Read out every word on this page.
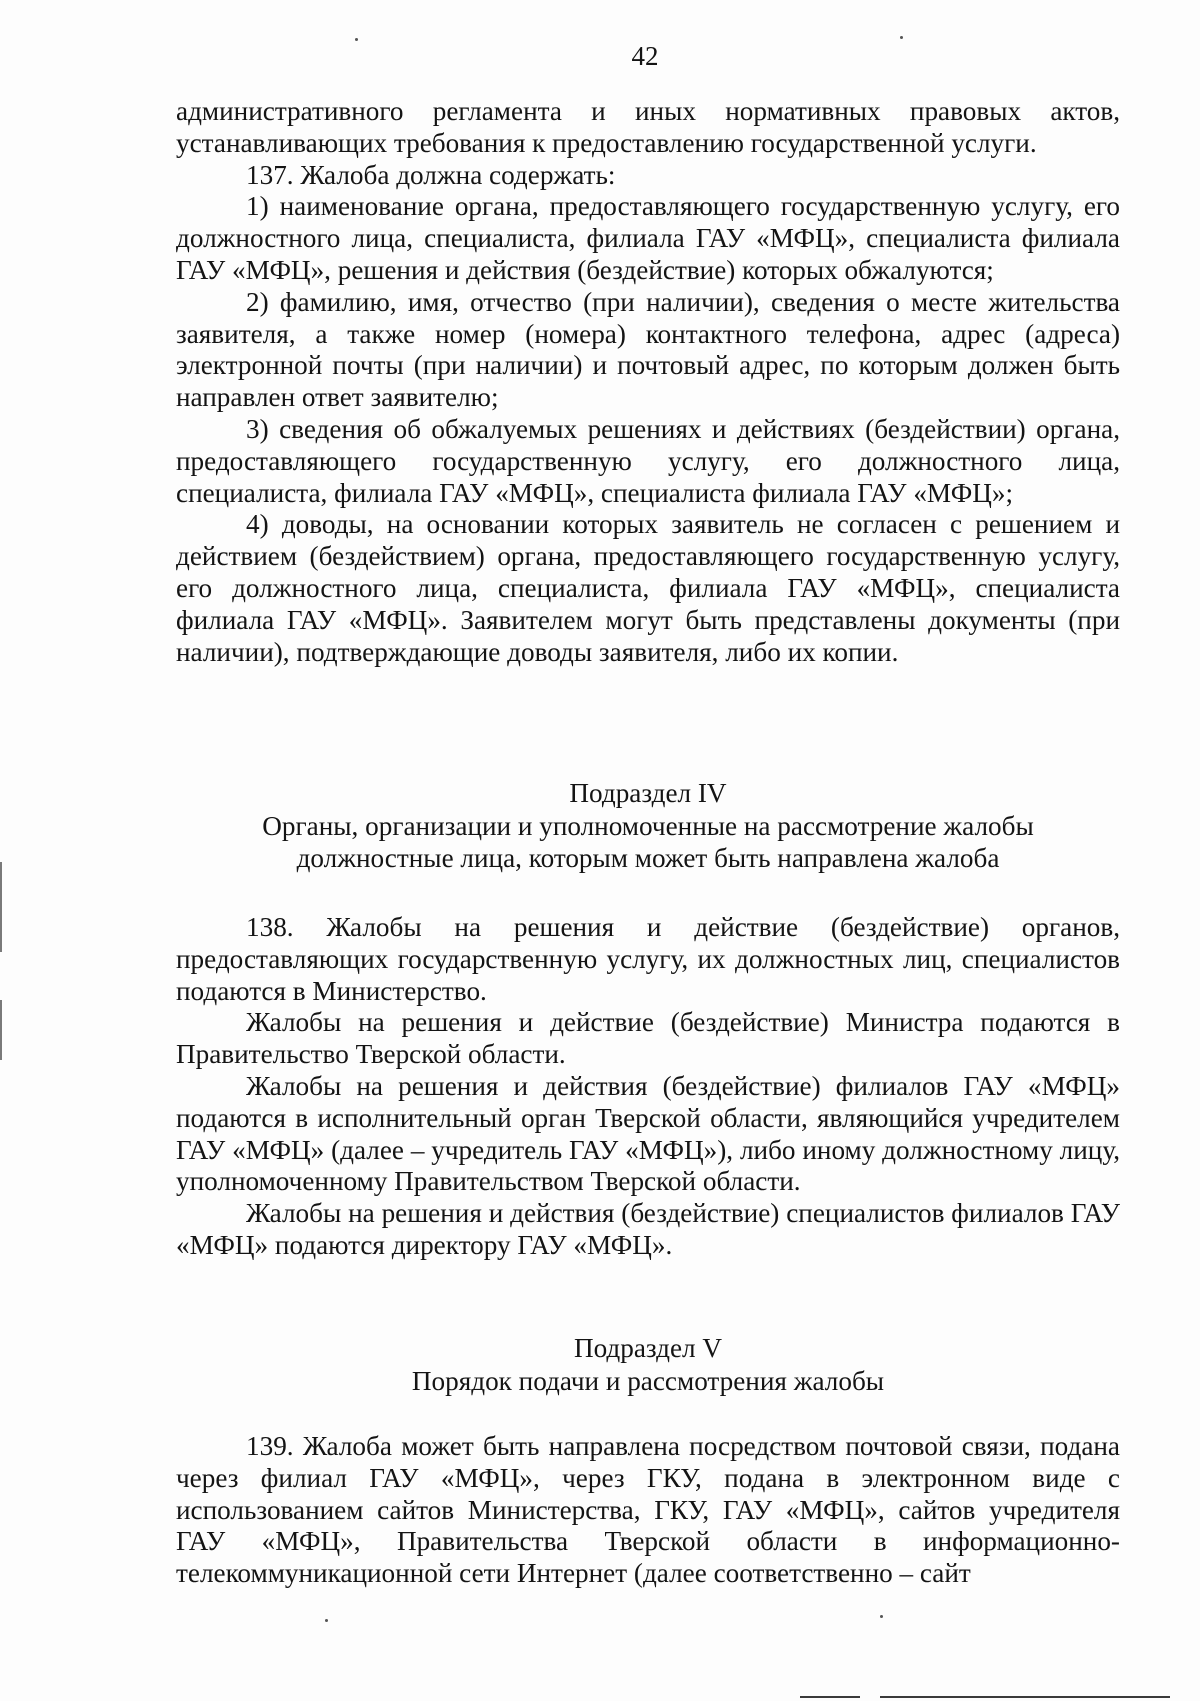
42

административного регламента и иных нормативных правовых актов, устанавливающих требования к предоставлению государственной услуги.

137. Жалоба должна содержать:

1) наименование органа, предоставляющего государственную услугу, его должностного лица, специалиста, филиала ГАУ «МФЦ», специалиста филиала ГАУ «МФЦ», решения и действия (бездействие) которых обжалуются;

2) фамилию, имя, отчество (при наличии), сведения о месте жительства заявителя, а также номер (номера) контактного телефона, адрес (адреса) электронной почты (при наличии) и почтовый адрес, по которым должен быть направлен ответ заявителю;

3) сведения об обжалуемых решениях и действиях (бездействии) органа, предоставляющего государственную услугу, его должностного лица, специалиста, филиала ГАУ «МФЦ», специалиста филиала ГАУ «МФЦ»;

4) доводы, на основании которых заявитель не согласен с решением и действием (бездействием) органа, предоставляющего государственную услугу, его должностного лица, специалиста, филиала ГАУ «МФЦ», специалиста филиала ГАУ «МФЦ». Заявителем могут быть представлены документы (при наличии), подтверждающие доводы заявителя, либо их копии.

Подраздел IV

Органы, организации и уполномоченные на рассмотрение жалобы

должностные лица, которым может быть направлена жалоба

138. Жалобы на решения и действие (бездействие) органов, предоставляющих государственную услугу, их должностных лиц, специалистов подаются в Министерство.

Жалобы на решения и действие (бездействие) Министра подаются в Правительство Тверской области.

Жалобы на решения и действия (бездействие) филиалов ГАУ «МФЦ» подаются в исполнительный орган Тверской области, являющийся учредителем ГАУ «МФЦ» (далее – учредитель ГАУ «МФЦ»), либо иному должностному лицу, уполномоченному Правительством Тверской области.

Жалобы на решения и действия (бездействие) специалистов филиалов ГАУ «МФЦ» подаются директору ГАУ «МФЦ».

Подраздел V

Порядок подачи и рассмотрения жалобы

139. Жалоба может быть направлена посредством почтовой связи, подана через филиал ГАУ «МФЦ», через ГКУ, подана в электронном виде с использованием сайтов Министерства, ГКУ, ГАУ «МФЦ», сайтов учредителя ГАУ «МФЦ», Правительства Тверской области в информационно-телекоммуникационной сети Интернет (далее соответственно – сайт
